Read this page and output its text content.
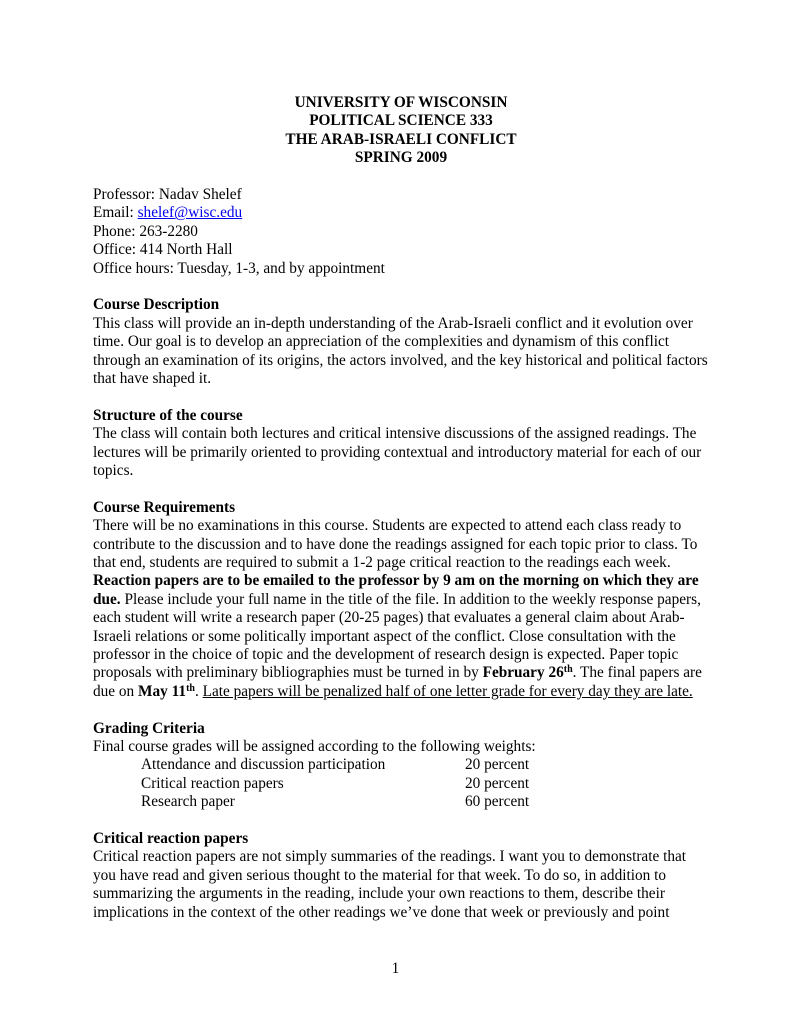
UNIVERSITY OF WISCONSIN
POLITICAL SCIENCE 333
THE ARAB-ISRAELI CONFLICT
SPRING 2009
Professor: Nadav Shelef
Email: shelef@wisc.edu
Phone: 263-2280
Office: 414 North Hall
Office hours: Tuesday, 1-3, and by appointment
Course Description

This class will provide an in-depth understanding of the Arab-Israeli conflict and it evolution over time. Our goal is to develop an appreciation of the complexities and dynamism of this conflict through an examination of its origins, the actors involved, and the key historical and political factors that have shaped it.

Structure of the course

The class will contain both lectures and critical intensive discussions of the assigned readings. The lectures will be primarily oriented to providing contextual and introductory material for each of our topics.

Course Requirements

There will be no examinations in this course. Students are expected to attend each class ready to contribute to the discussion and to have done the readings assigned for each topic prior to class. To that end, students are required to submit a 1-2 page critical reaction to the readings each week. Reaction papers are to be emailed to the professor by 9 am on the morning on which they are due. Please include your full name in the title of the file. In addition to the weekly response papers, each student will write a research paper (20-25 pages) that evaluates a general claim about Arab-Israeli relations or some politically important aspect of the conflict. Close consultation with the professor in the choice of topic and the development of research design is expected. Paper topic proposals with preliminary bibliographies must be turned in by February 26th. The final papers are due on May 11th. Late papers will be penalized half of one letter grade for every day they are late.

Grading Criteria
Final course grades will be assigned according to the following weights:
Attendance and discussion participation	20 percent
Critical reaction papers	20 percent
Research paper	60 percent
Critical reaction papers

Critical reaction papers are not simply summaries of the readings. I want you to demonstrate that you have read and given serious thought to the material for that week. To do so, in addition to summarizing the arguments in the reading, include your own reactions to them, describe their implications in the context of the other readings we’ve done that week or previously and point

1
